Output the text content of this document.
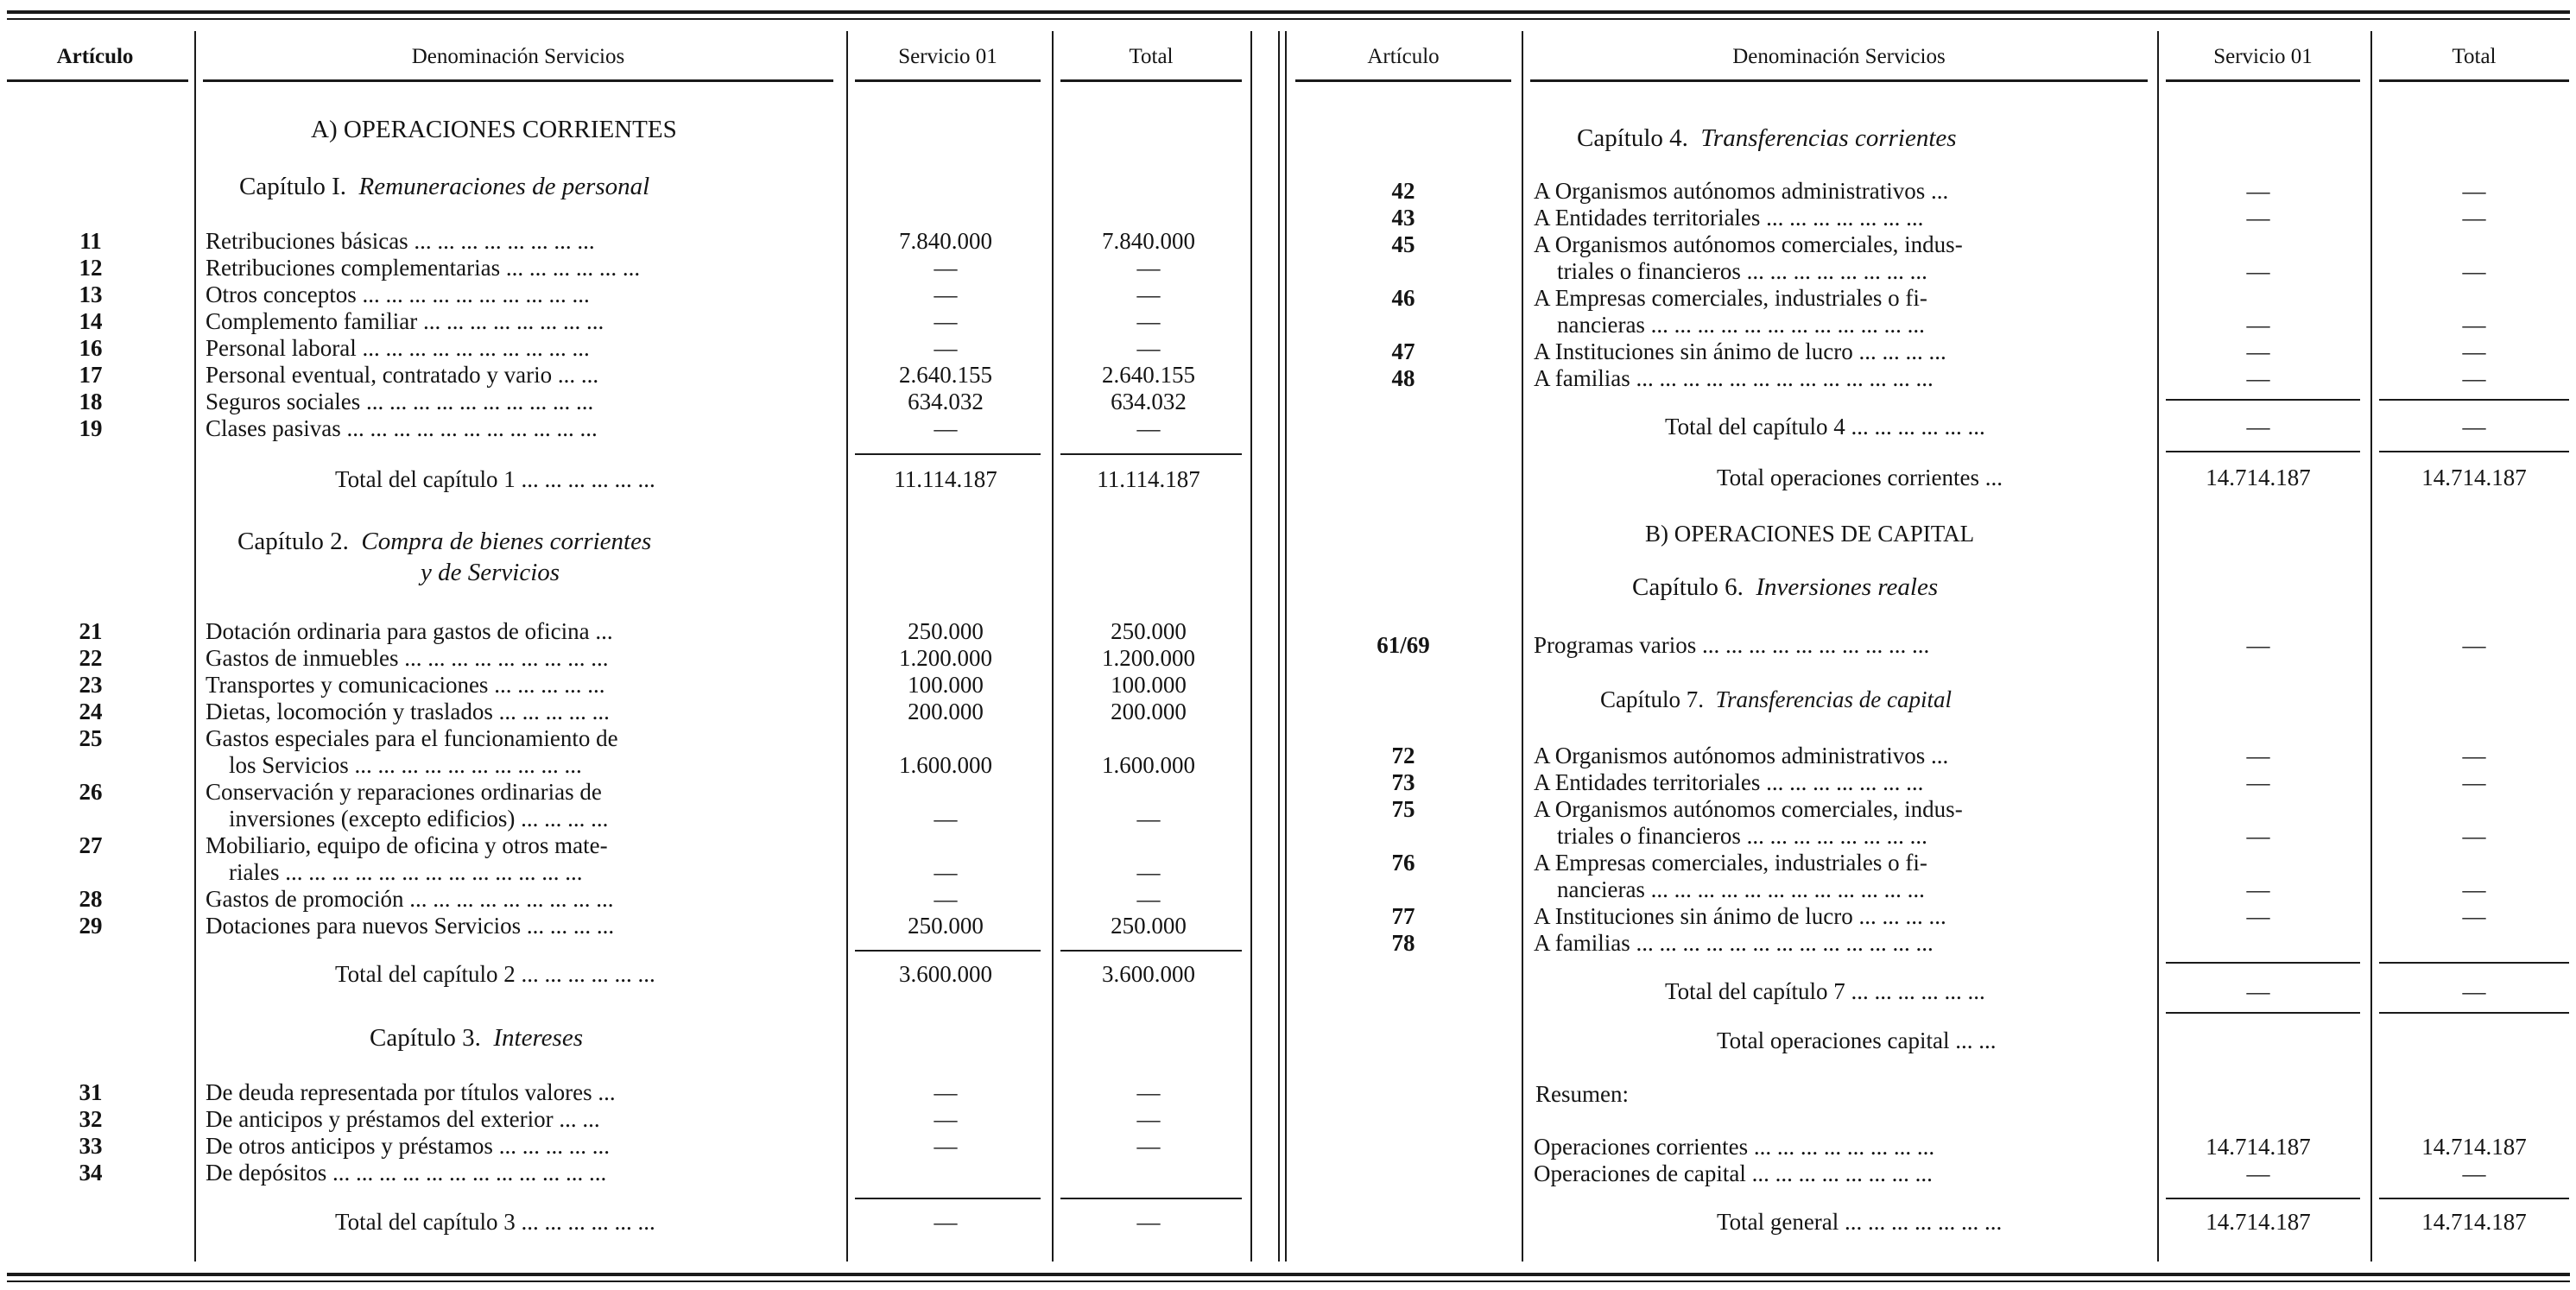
Artículo	Denominación Servicios	Servicio 01	Total	Artículo	Denominación Servicios	Servicio 01	Total
A) OPERACIONES CORRIENTES
Capítulo I. Remuneraciones de personal
11	Retribuciones básicas ... ... ... ... ... ... ... ...	7.840.000	7.840.000
12	Retribuciones complementarias ... ... ... ... ... ...	—	—
13	Otros conceptos ... ... ... ... ... ... ... ... ... ...	—	—
14	Complemento familiar ... ... ... ... ... ... ... ...	—	—
16	Personal laboral ... ... ... ... ... ... ... ... ... ...	—	—
17	Personal eventual, contratado y vario ... ...	2.640.155	2.640.155
18	Seguros sociales ... ... ... ... ... ... ... ... ... ...	634.032	634.032
19	Clases pasivas ... ... ... ... ... ... ... ... ... ... ...	—	—
Total del capítulo 1 ... ... ... ... ... ...	11.114.187	11.114.187
Capítulo 2. Compra de bienes corrientes
y de Servicios
21	Dotación ordinaria para gastos de oficina ...	250.000	250.000
22	Gastos de inmuebles ... ... ... ... ... ... ... ... ...	1.200.000	1.200.000
23	Transportes y comunicaciones ... ... ... ... ...	100.000	100.000
24	Dietas, locomoción y traslados ... ... ... ... ...	200.000	200.000
25	Gastos especiales para el funcionamiento de
los Servicios ... ... ... ... ... ... ... ... ... ...	1.600.000	1.600.000
26	Conservación y reparaciones ordinarias de
inversiones (excepto edificios) ... ... ... ...	—	—
27	Mobiliario, equipo de oficina y otros mate-
riales ... ... ... ... ... ... ... ... ... ... ... ... ...	—	—
28	Gastos de promoción ... ... ... ... ... ... ... ... ...	—	—
29	Dotaciones para nuevos Servicios ... ... ... ...	250.000	250.000
Total del capítulo 2 ... ... ... ... ... ...	3.600.000	3.600.000
Capítulo 3. Intereses
31	De deuda representada por títulos valores ...	—	—
32	De anticipos y préstamos del exterior ... ...	—	—
33	De otros anticipos y préstamos ... ... ... ... ...	—	—
34	De depósitos ... ... ... ... ... ... ... ... ... ... ... ...
Total del capítulo 3 ... ... ... ... ... ...	—	—
Capítulo 4. Transferencias corrientes
42	A Organismos autónomos administrativos ...	—	—
43	A Entidades territoriales ... ... ... ... ... ... ...	—	—
45	A Organismos autónomos comerciales, indus-
triales o financieros ... ... ... ... ... ... ... ...	—	—
46	A Empresas comerciales, industriales o fi-
nancieras ... ... ... ... ... ... ... ... ... ... ... ...	—	—
47	A Instituciones sin ánimo de lucro ... ... ... ...	—	—
48	A familias ... ... ... ... ... ... ... ... ... ... ... ... ...	—	—
Total del capítulo 4 ... ... ... ... ... ...	—	—
Total operaciones corrientes ...	14.714.187	14.714.187
B) OPERACIONES DE CAPITAL
Capítulo 6. Inversiones reales
61/69	Programas varios ... ... ... ... ... ... ... ... ... ...	—	—
Capítulo 7. Transferencias de capital
72	A Organismos autónomos administrativos ...	—	—
73	A Entidades territoriales ... ... ... ... ... ... ...	—	—
75	A Organismos autónomos comerciales, indus-
triales o financieros ... ... ... ... ... ... ... ...	—	—
76	A Empresas comerciales, industriales o fi-
nancieras ... ... ... ... ... ... ... ... ... ... ... ...	—	—
77	A Instituciones sin ánimo de lucro ... ... ... ...	—	—
78	A familias ... ... ... ... ... ... ... ... ... ... ... ... ...
Total del capítulo 7 ... ... ... ... ... ...	—	—
Total operaciones capital ... ...
Resumen:
Operaciones corrientes ... ... ... ... ... ... ... ...	14.714.187	14.714.187
Operaciones de capital ... ... ... ... ... ... ... ...	—	—
Total general ... ... ... ... ... ... ...	14.714.187	14.714.187
